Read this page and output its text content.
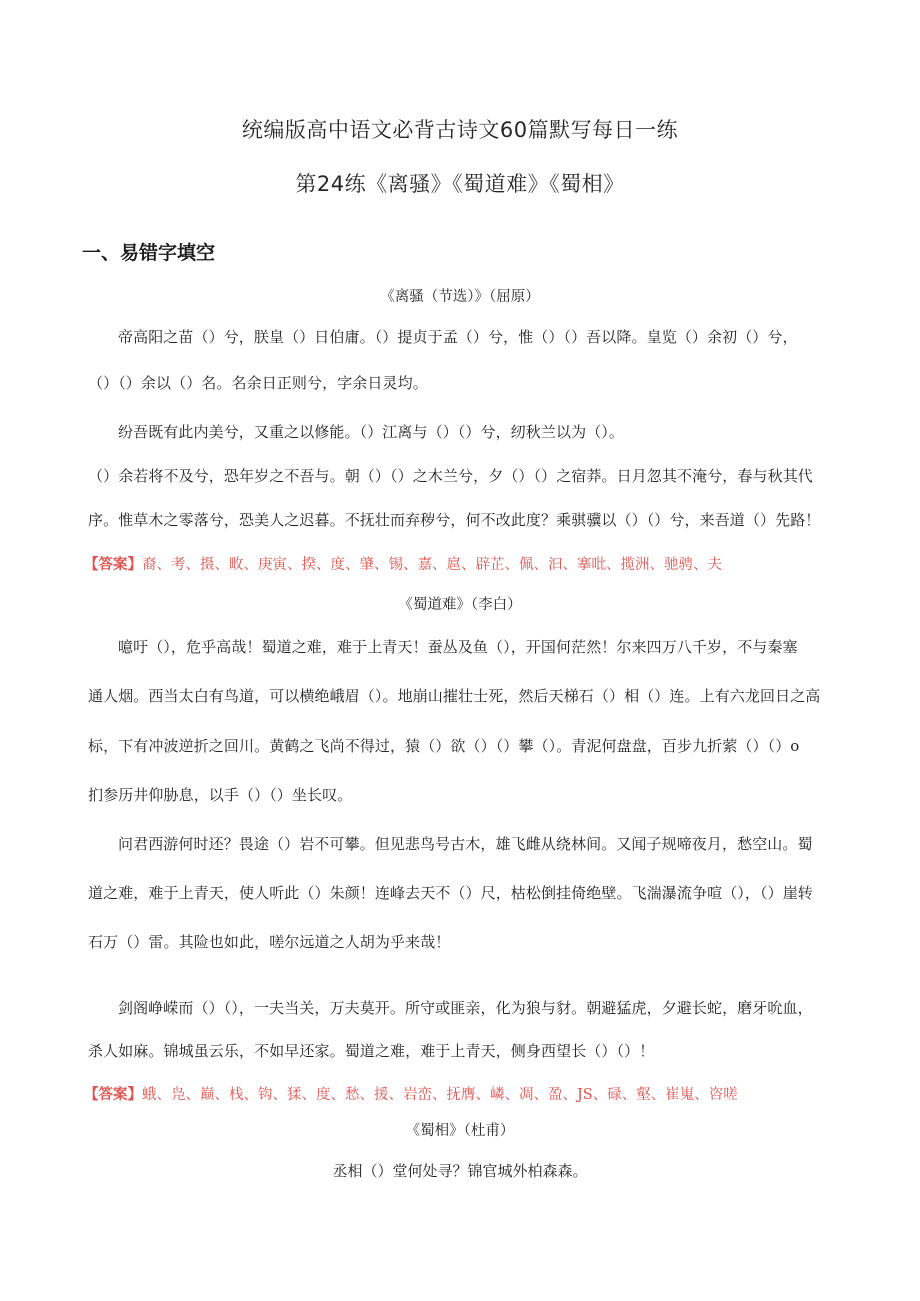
统编版高中语文必背古诗文60篇默写每日一练
第24练《离骚》《蜀道难》《蜀相》
一、易错字填空
《离骚（节选）》（屈原）
帝高阳之苗（）兮，朕皇（）日伯庸。（）提贞于孟（）兮，惟（）（）吾以降。皇览（）余初（）兮，
（）（）余以（）名。名余日正则兮，字余日灵均。
纷吾既有此内美兮，又重之以修能。（）江离与（）（）兮，纫秋兰以为（）。
（）余若将不及兮，恐年岁之不吾与。朝（）（）之木兰兮，夕（）（）之宿莽。日月忽其不淹兮，春与秋其代
序。惟草木之零落兮，恐美人之迟暮。不抚壮而弃秽兮，何不改此度？乘骐骥以（）（）兮，来吾道（）先路！
【答案】裔、考、摄、畋、庚寅、揆、度、肇、锡、嘉、扈、辟芷、佩、汩、搴吡、揽洲、驰骋、夫
《蜀道难》（李白）
噫吁（），危乎高哉！蜀道之难，难于上青天！蚕丛及鱼（），开国何茫然！尔来四万八千岁，不与秦塞
通人烟。西当太白有鸟道，可以横绝峨眉（）。地崩山摧壮士死，然后天梯石（）相（）连。上有六龙回日之高
标，下有冲波逆折之回川。黄鹤之飞尚不得过，猿（）欲（）（）攀（）。青泥何盘盘，百步九折萦（）（）o
扪参历井仰胁息，以手（）（）坐长叹。
问君西游何时还？畏途（）岩不可攀。但见悲鸟号古木，雄飞雌从绕林间。又闻子规啼夜月，愁空山。蜀
道之难，难于上青天，使人听此（）朱颜！连峰去天不（）尺，枯松倒挂倚绝壁。飞湍瀑流争喧（），（）崖转
石万（）雷。其险也如此，嗟尔远道之人胡为乎来哉！
剑阁峥嵘而（）（），一夫当关，万夫莫开。所守或匪亲，化为狼与豺。朝避猛虎，夕避长蛇，磨牙吮血，
杀人如麻。锦城虽云乐，不如早还家。蜀道之难，难于上青天，侧身西望长（）（）！
【答案】蛾、凫、巅、栈、钩、猱、度、愁、援、岩峦、抚膺、嶙、凋、盈、JS、碌、壑、崔嵬、咨嗟
《蜀相》（杜甫）
丞相（）堂何处寻？锦官城外柏森森。
